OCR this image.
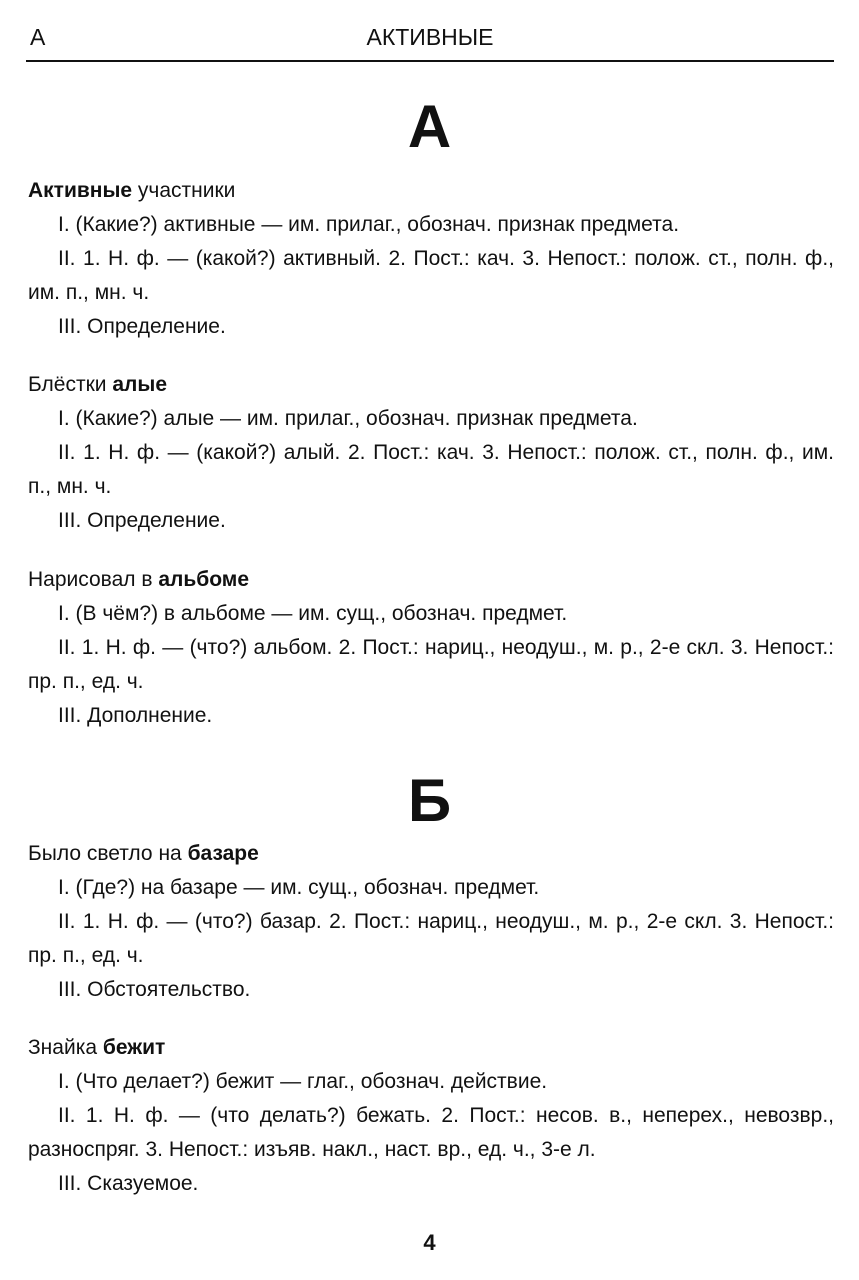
А	АКТИВНЫЕ
А

Активные участники

I. (Какие?) активные — им. прилаг., обознач. признак предмета.

II. 1. Н. ф. — (какой?) активный. 2. Пост.: кач. 3. Непост.: полож. ст., полн. ф., им. п., мн. ч.

III. Определение.

Блёстки алые

I. (Какие?) алые — им. прилаг., обознач. признак предмета.

II. 1. Н. ф. — (какой?) алый. 2. Пост.: кач. 3. Непост.: полож. ст., полн. ф., им. п., мн. ч.

III. Определение.

Нарисовал в альбоме

I. (В чём?) в альбоме — им. сущ., обознач. предмет.

II. 1. Н. ф. — (что?) альбом. 2. Пост.: нариц., неодуш., м. р., 2-е скл. 3. Непост.: пр. п., ед. ч.

III. Дополнение.

Б

Было светло на базаре

I. (Где?) на базаре — им. сущ., обознач. предмет.

II. 1. Н. ф. — (что?) базар. 2. Пост.: нариц., неодуш., м. р., 2-е скл. 3. Непост.: пр. п., ед. ч.

III. Обстоятельство.

Знайка бежит

I. (Что делает?) бежит — глаг., обознач. действие.

II. 1. Н. ф. — (что делать?) бежать. 2. Пост.: несов. в., неперех., невозвр., разноспряг. 3. Непост.: изъяв. накл., наст. вр., ед. ч., 3-е л.

III. Сказуемое.

4
